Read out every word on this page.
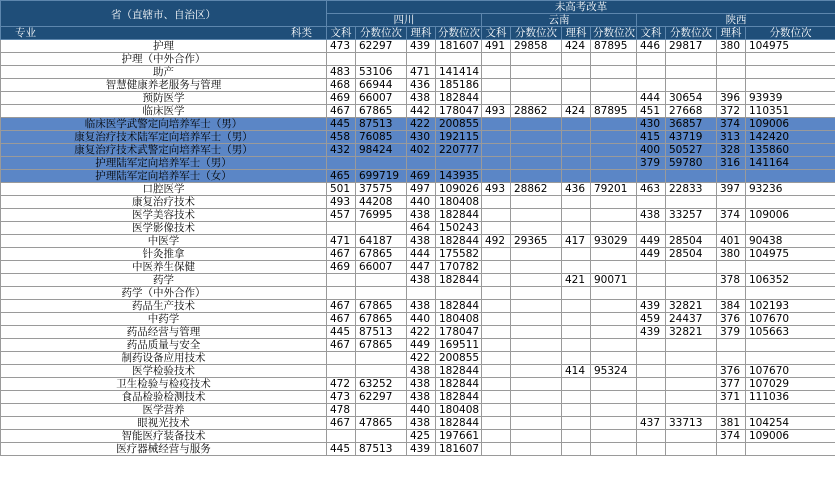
省（直辖市、自治区）	未高考改革											
	四川				云南				陕西			

专业 科类	文科	分数位次	理科	分数位次	文科	分数位次	理科	分数位次	文科	分数位次	理科	分数位次
护理	473	62297	439	181607	491	29858	424	87895	446	29817	380	104975
护理（中外合作）												
助产	483	53106	471	141414								
智慧健康养老服务与管理	468	66944	436	185186								
预防医学	469	66007	438	182844					444	30654	396	93939
临床医学	467	67865	442	178047	493	28862	424	87895	451	27668	372	110351
临床医学武警定向培养军士（男）	445	87513	422	200855					430	36857	374	109006
康复治疗技术陆军定向培养军士（男）	458	76085	430	192115					415	43719	313	142420
康复治疗技术武警定向培养军士（男）	432	98424	402	220777					400	50527	328	135860
护理陆军定向培养军士（男）									379	59780	316	141164
护理陆军定向培养军士（女）	465	699719	469	143935								
口腔医学	501	37575	497	109026	493	28862	436	79201	463	22833	397	93236
康复治疗技术	493	44208	440	180408								
医学美容技术	457	76995	438	182844					438	33257	374	109006
医学影像技术			464	150243								
中医学	471	64187	438	182844	492	29365	417	93029	449	28504	401	90438
针灸推拿	467	67865	444	175582					449	28504	380	104975
中医养生保健	469	66007	447	170782								
药学			438	182844			421	90071			378	106352
药学（中外合作）												
药品生产技术	467	67865	438	182844					439	32821	384	102193
中药学	467	67865	440	180408					459	24437	376	107670
药品经营与管理	445	87513	422	178047					439	32821	379	105663
药品质量与安全	467	67865	449	169511								
制药设备应用技术			422	200855								
医学检验技术			438	182844			414	95324			376	107670
卫生检验与检疫技术	472	63252	438	182844							377	107029
食品检验检测技术	473	62297	438	182844							371	111036
医学营养	478		440	180408								
眼视光技术	467	47865	438	182844					437	33713	381	104254
智能医疗装备技术			425	197661							374	109006
医疗器械经营与服务	445	87513	439	181607								
